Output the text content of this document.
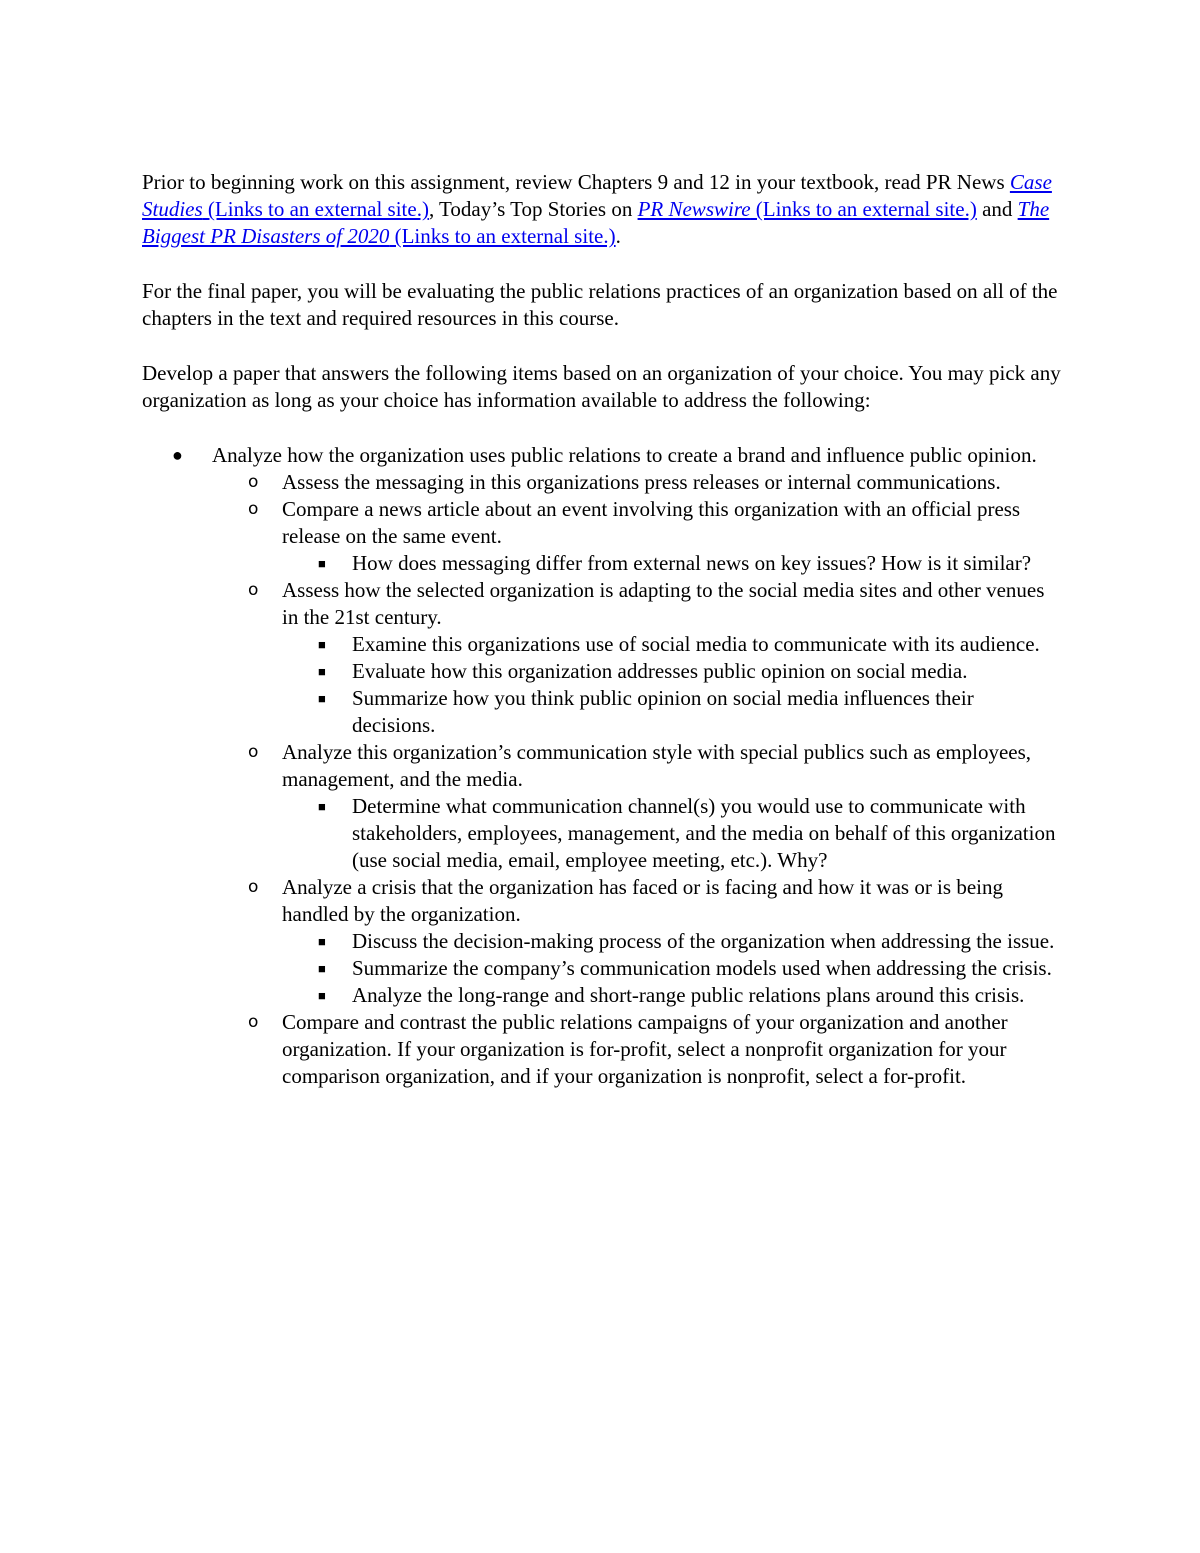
Prior to beginning work on this assignment, review Chapters 9 and 12 in your textbook, read PR News Case Studies (Links to an external site.), Today’s Top Stories on PR Newswire (Links to an external site.) and The Biggest PR Disasters of 2020 (Links to an external site.).

For the final paper, you will be evaluating the public relations practices of an organization based on all of the chapters in the text and required resources in this course.

Develop a paper that answers the following items based on an organization of your choice. You may pick any organization as long as your choice has information available to address the following:

●	Analyze how the organization uses public relations to create a brand and influence public opinion.
o	Assess the messaging in this organizations press releases or internal communications.
o	Compare a news article about an event involving this organization with an official press release on the same event.
■	How does messaging differ from external news on key issues? How is it similar?
o	Assess how the selected organization is adapting to the social media sites and other venues in the 21st century.
■	Examine this organizations use of social media to communicate with its audience.
■	Evaluate how this organization addresses public opinion on social media.
■	Summarize how you think public opinion on social media influences their decisions.
o	Analyze this organization’s communication style with special publics such as employees, management, and the media.
■	Determine what communication channel(s) you would use to communicate with stakeholders, employees, management, and the media on behalf of this organization (use social media, email, employee meeting, etc.). Why?
o	Analyze a crisis that the organization has faced or is facing and how it was or is being handled by the organization.
■	Discuss the decision-making process of the organization when addressing the issue.
■	Summarize the company’s communication models used when addressing the crisis.
■	Analyze the long-range and short-range public relations plans around this crisis.
o	Compare and contrast the public relations campaigns of your organization and another organization. If your organization is for-profit, select a nonprofit organization for your comparison organization, and if your organization is nonprofit, select a for-profit.
